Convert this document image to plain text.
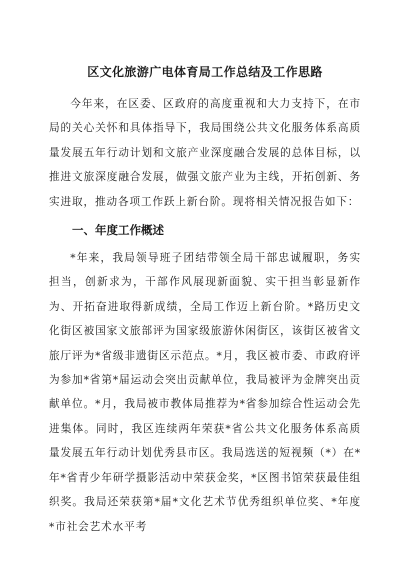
区文化旅游广电体育局工作总结及工作思路

今年来，在区委、区政府的高度重视和大力支持下，在市局的关心关怀和具体指导下，我局围绕公共文化服务体系高质量发展五年行动计划和文旅产业深度融合发展的总体目标，以推进文旅深度融合发展，做强文旅产业为主线，开拓创新、务实进取，推动各项工作跃上新台阶。现将相关情况报告如下：

一、年度工作概述

*年来，我局领导班子团结带领全局干部忠诚履职，务实担当，创新求为，干部作风展现新面貌、实干担当彰显新作为、开拓奋进取得新成绩，全局工作迈上新台阶。*路历史文化街区被国家文旅部评为国家级旅游休闲街区，该街区被省文旅厅评为*省级非遗街区示范点。*月，我区被市委、市政府评为参加*省第*届运动会突出贡献单位，我局被评为金牌突出贡献单位。*月，我局被市教体局推荐为*省参加综合性运动会先进集体。同时，我区连续两年荣获*省公共文化服务体系高质量发展五年行动计划优秀县市区。我局选送的短视频（*）在*年*省青少年研学摄影活动中荣获金奖，*区图书馆荣获最佳组织奖。我局还荣获第*届*文化艺术节优秀组织单位奖、*年度*市社会艺术水平考
